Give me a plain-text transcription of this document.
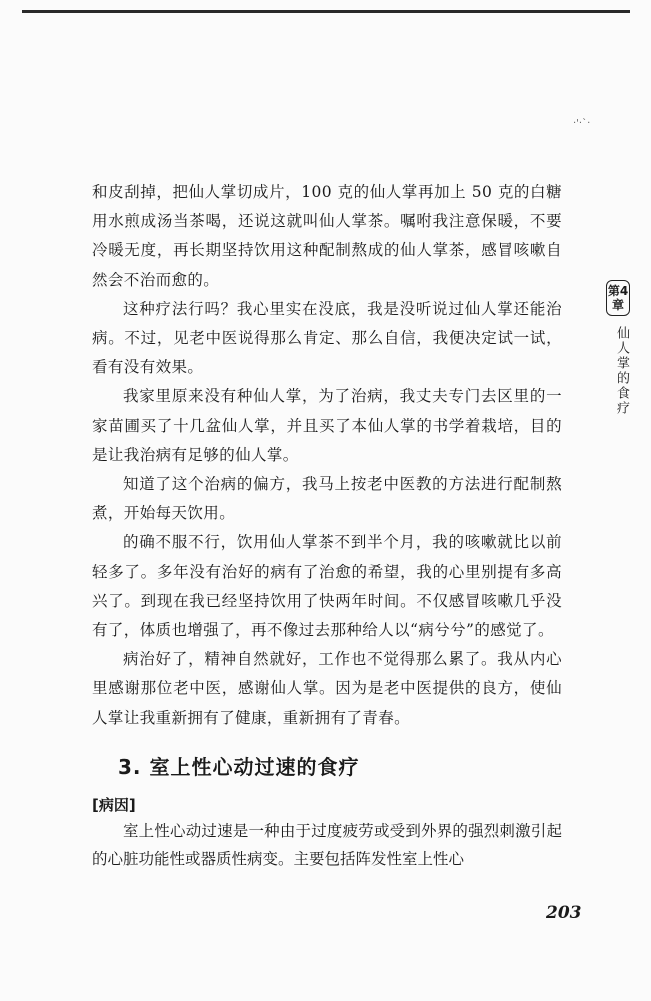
·'·`·

和皮刮掉，把仙人掌切成片，100 克的仙人掌再加上 50 克的白糖用水煎成汤当茶喝，还说这就叫仙人掌茶。嘱咐我注意保暖，不要冷暖无度，再长期坚持饮用这种配制熬成的仙人掌茶，感冒咳嗽自然会不治而愈的。

这种疗法行吗？我心里实在没底，我是没听说过仙人掌还能治病。不过，见老中医说得那么肯定、那么自信，我便决定试一试，看有没有效果。

我家里原来没有种仙人掌，为了治病，我丈夫专门去区里的一家苗圃买了十几盆仙人掌，并且买了本仙人掌的书学着栽培，目的是让我治病有足够的仙人掌。

知道了这个治病的偏方，我马上按老中医教的方法进行配制熬煮，开始每天饮用。

的确不服不行，饮用仙人掌茶不到半个月，我的咳嗽就比以前轻多了。多年没有治好的病有了治愈的希望，我的心里别提有多高兴了。到现在我已经坚持饮用了快两年时间。不仅感冒咳嗽几乎没有了，体质也增强了，再不像过去那种给人以“病兮兮”的感觉了。

病治好了，精神自然就好，工作也不觉得那么累了。我从内心里感谢那位老中医，感谢仙人掌。因为是老中医提供的良方，使仙人掌让我重新拥有了健康，重新拥有了青春。

3. 室上性心动过速的食疗
[病因]

室上性心动过速是一种由于过度疲劳或受到外界的强烈刺激引起的心脏功能性或器质性病变。主要包括阵发性室上性心

第4章
仙人掌的食疗
203
